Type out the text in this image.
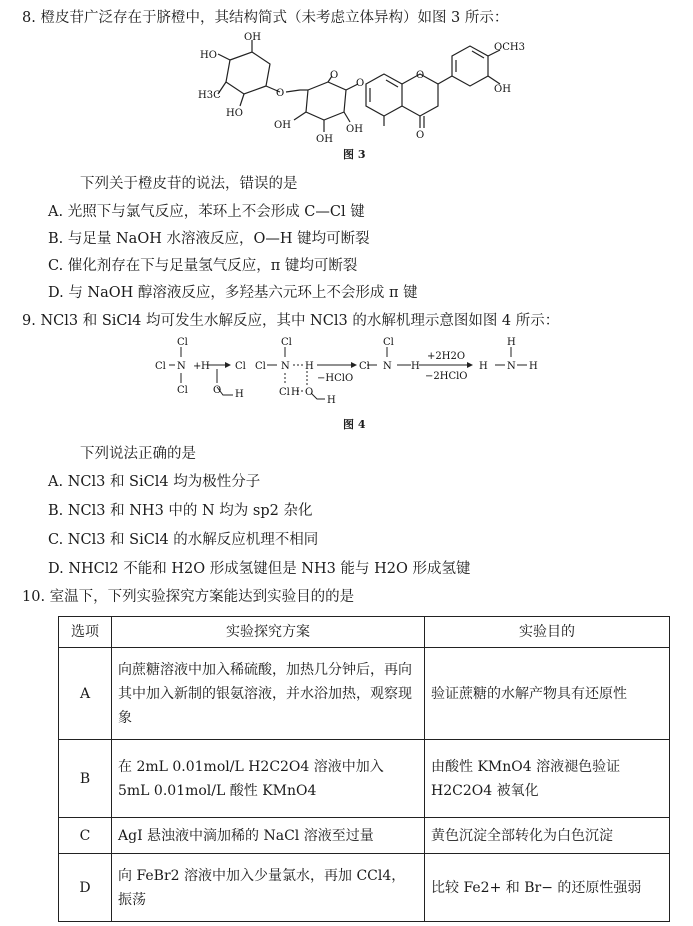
8. 橙皮苷广泛存在于脐橙中，其结构简式（未考虑立体异构）如图 3 所示：
OH
HO
H3C
HO
O
O
OH
OH
OH
O
O
O
OCH3
OH
图 3
下列关于橙皮苷的说法，错误的是
A. 光照下与氯气反应，苯环上不会形成 C—Cl 键
B. 与足量 NaOH 水溶液反应，O—H 键均可断裂
C. 催化剂存在下与足量氢气反应，π 键均可断裂
D. 与 NaOH 醇溶液反应，多羟基六元环上不会形成 π 键
9. NCl3 和 SiCl4 均可发生水解反应，其中 NCl3 的水解机理示意图如图 4 所示：
Cl
Cl N
Cl
+ H
O H
Cl
Cl
Cl N H
Cl H O
H
−HClO
Cl
Cl
N H
+2H2O
−2HClO
H
H
N H
图 4
下列说法正确的是
A. NCl3 和 SiCl4 均为极性分子
B. NCl3 和 NH3 中的 N 均为 sp2 杂化
C. NCl3 和 SiCl4 的水解反应机理不相同
D. NHCl2 不能和 H2O 形成氢键但是 NH3 能与 H2O 形成氢键
10. 室温下，下列实验探究方案能达到实验目的的是
选项	实验探究方案	实验目的
A	向蔗糖溶液中加入稀硫酸，加热几分钟后，再向其中加入新制的银氨溶液，并水浴加热，观察现象	验证蔗糖的水解产物具有还原性
B	在 2mL 0.01mol/L H2C2O4 溶液中加入 5mL 0.01mol/L 酸性 KMnO4	由酸性 KMnO4 溶液褪色验证 H2C2O4 被氧化
C	AgI 悬浊液中滴加稀的 NaCl 溶液至过量	黄色沉淀全部转化为白色沉淀
D	向 FeBr2 溶液中加入少量氯水，再加 CCl4，振荡	比较 Fe2+ 和 Br− 的还原性强弱
